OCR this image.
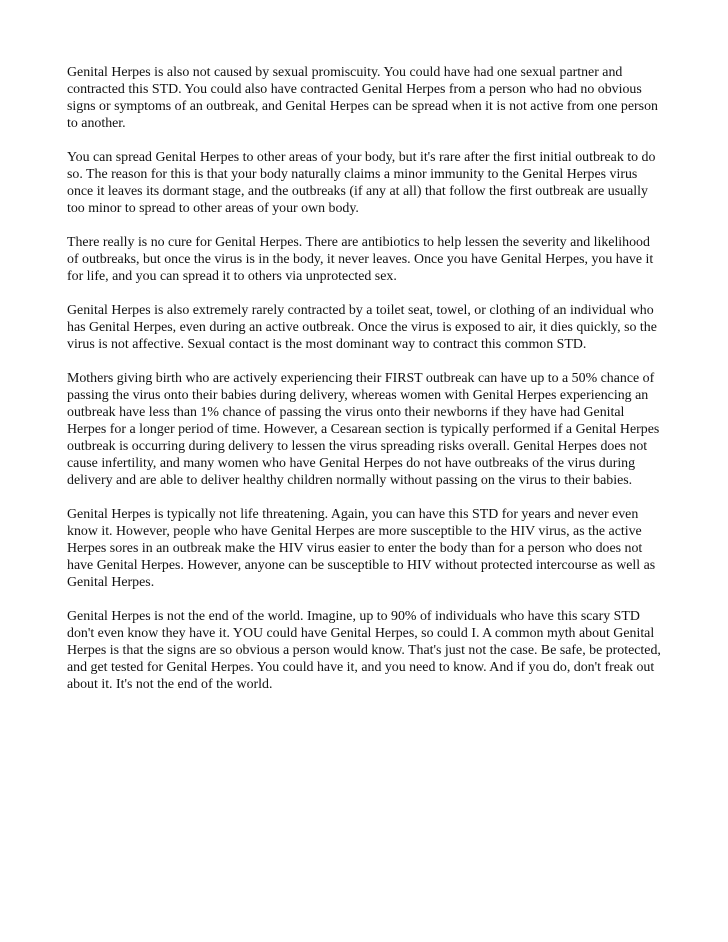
Genital Herpes is also not caused by sexual promiscuity. You could have had one sexual partner and contracted this STD. You could also have contracted Genital Herpes from a person who had no obvious signs or symptoms of an outbreak, and Genital Herpes can be spread when it is not active from one person to another.

You can spread Genital Herpes to other areas of your body, but it's rare after the first initial outbreak to do so. The reason for this is that your body naturally claims a minor immunity to the Genital Herpes virus once it leaves its dormant stage, and the outbreaks (if any at all) that follow the first outbreak are usually too minor to spread to other areas of your own body.

There really is no cure for Genital Herpes. There are antibiotics to help lessen the severity and likelihood of outbreaks, but once the virus is in the body, it never leaves. Once you have Genital Herpes, you have it for life, and you can spread it to others via unprotected sex.

Genital Herpes is also extremely rarely contracted by a toilet seat, towel, or clothing of an individual who has Genital Herpes, even during an active outbreak. Once the virus is exposed to air, it dies quickly, so the virus is not affective. Sexual contact is the most dominant way to contract this common STD.

Mothers giving birth who are actively experiencing their FIRST outbreak can have up to a 50% chance of passing the virus onto their babies during delivery, whereas women with Genital Herpes experiencing an outbreak have less than 1% chance of passing the virus onto their newborns if they have had Genital Herpes for a longer period of time. However, a Cesarean section is typically performed if a Genital Herpes outbreak is occurring during delivery to lessen the virus spreading risks overall. Genital Herpes does not cause infertility, and many women who have Genital Herpes do not have outbreaks of the virus during delivery and are able to deliver healthy children normally without passing on the virus to their babies.

Genital Herpes is typically not life threatening. Again, you can have this STD for years and never even know it. However, people who have Genital Herpes are more susceptible to the HIV virus, as the active Herpes sores in an outbreak make the HIV virus easier to enter the body than for a person who does not have Genital Herpes. However, anyone can be susceptible to HIV without protected intercourse as well as Genital Herpes.

Genital Herpes is not the end of the world. Imagine, up to 90% of individuals who have this scary STD don't even know they have it. YOU could have Genital Herpes, so could I. A common myth about Genital Herpes is that the signs are so obvious a person would know. That's just not the case. Be safe, be protected, and get tested for Genital Herpes. You could have it, and you need to know. And if you do, don't freak out about it. It's not the end of the world.
